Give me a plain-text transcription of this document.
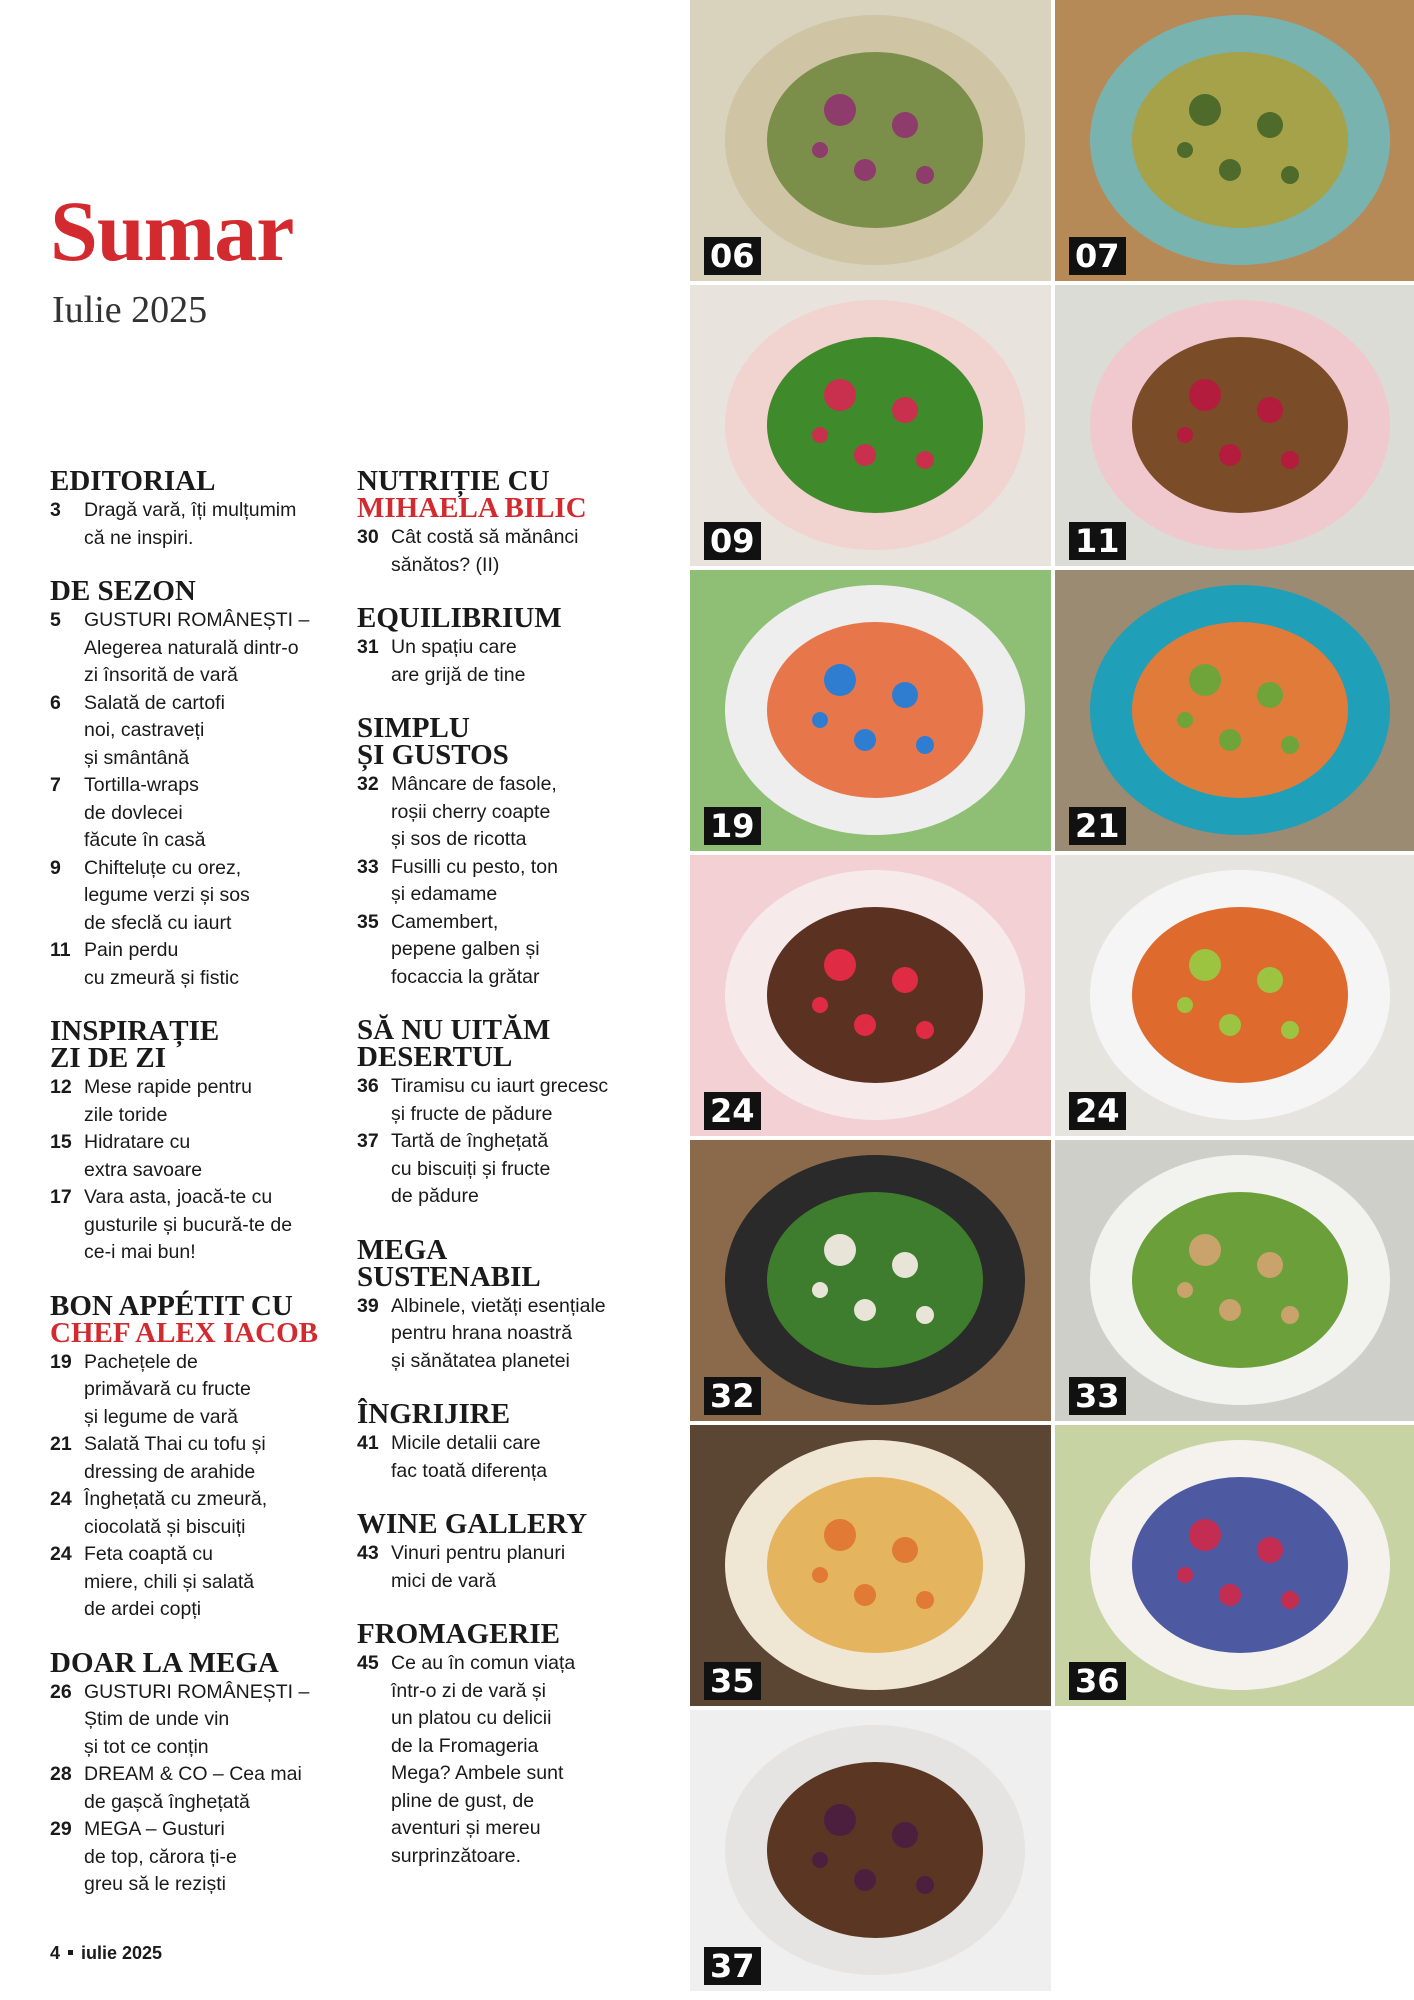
Sumar
Iulie 2025
EDITORIAL
3	Dragă vară, îți mulțumim
că ne inspiri.
DE SEZON
5	GUSTURI ROMÂNEȘTI –
Alegerea naturală dintr-o
zi însorită de vară
6	Salată de cartofi
noi, castraveți
și smântână
7	Tortilla-wraps
de dovlecei
făcute în casă
9	Chifteluțe cu orez,
legume verzi și sos
de sfeclă cu iaurt
11 Pain perdu
cu zmeură și fistic
INSPIRAȚIE
ZI DE ZI
12 Mese rapide pentru
zile toride
15 Hidratare cu
extra savoare
17 Vara asta, joacă-te cu
gusturile și bucură-te de
ce-i mai bun!
BON APPÉTIT CU
CHEF ALEX IACOB
19 Pachețele de
primăvară cu fructe
și legume de vară
21 Salată Thai cu tofu și
dressing de arahide
24 Înghețată cu zmeură,
ciocolată și biscuiți
24 Feta coaptă cu
miere, chili și salată
de ardei copți
DOAR LA MEGA
26 GUSTURI ROMÂNEȘTI –
Știm de unde vin
și tot ce conțin
28 DREAM & CO – Cea mai
de gașcă înghețată
29 MEGA – Gusturi
de top, cărora ți-e
greu să le reziști
NUTRIȚIE CU
MIHAELA BILIC
30 Cât costă să mănânci
sănătos? (II)
EQUILIBRIUM
31 Un spațiu care
are grijă de tine
SIMPLU
ȘI GUSTOS
32 Mâncare de fasole,
roșii cherry coapte
și sos de ricotta
33 Fusilli cu pesto, ton
și edamame
35 Camembert,
pepene galben și
focaccia la grătar
SĂ NU UITĂM
DESERTUL
36 Tiramisu cu iaurt grecesc
și fructe de pădure
37 Tartă de înghețată
cu biscuiți și fructe
de pădure
MEGA
SUSTENABIL
39 Albinele, vietăți esențiale
pentru hrana noastră
și sănătatea planetei
ÎNGRIJIRE
41 Micile detalii care
fac toată diferența
WINE GALLERY
43 Vinuri pentru planuri
mici de vară
FROMAGERIE
45 Ce au în comun viața
într-o zi de vară și
un platou cu delicii
de la Fromageria
Mega? Ambele sunt
pline de gust, de
aventuri și mereu
surprinzătoare.
4 iulie 2025
06	07
09	11
19	21
24	24
32	33
35	36
37
